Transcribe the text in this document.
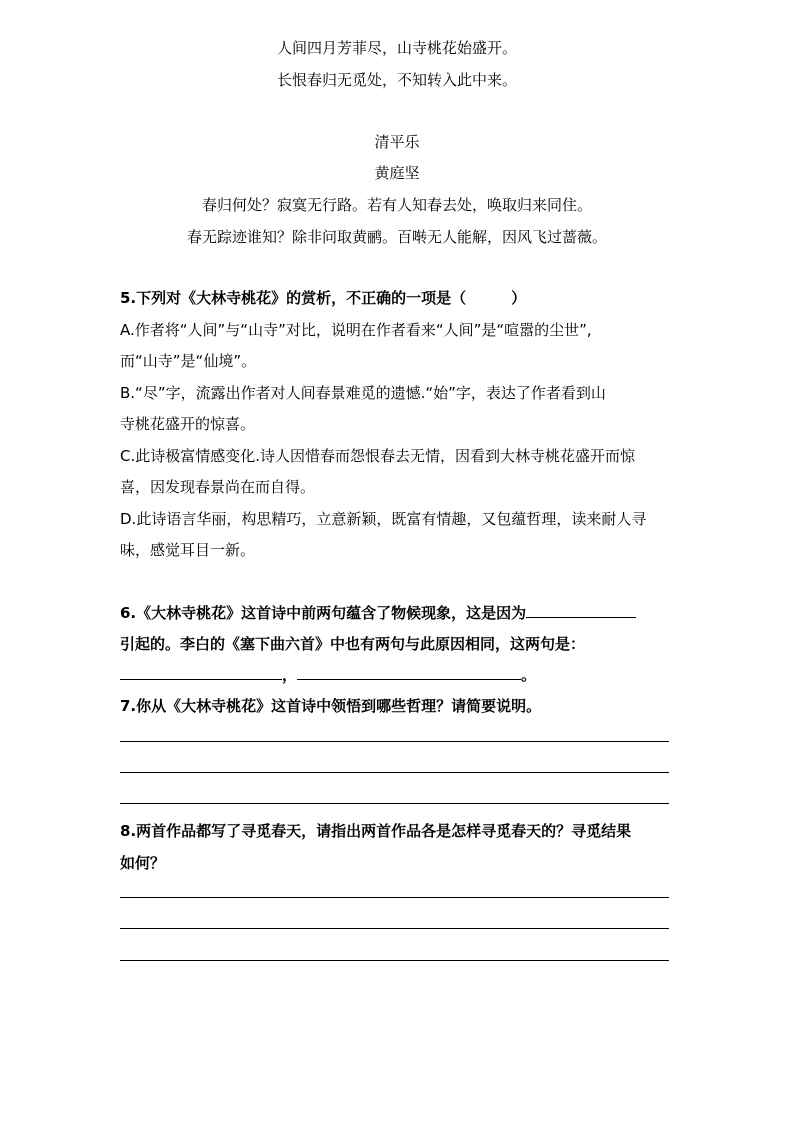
人间四月芳菲尽，山寺桃花始盛开。
长恨春归无觅处，不知转入此中来。
清平乐
黄庭坚
春归何处？寂寞无行路。若有人知春去处，唤取归来同住。
春无踪迹谁知？除非问取黄鹂。百啭无人能解，因风飞过蔷薇。
5.下列对《大林寺桃花》的赏析，不正确的一项是（　　　）
A.作者将“人间”与“山寺”对比，说明在作者看来“人间”是“喧嚣的尘世”,
而“山寺”是“仙境”。
B.“尽”字，流露出作者对人间春景难觅的遗憾.“始”字，表达了作者看到山
寺桃花盛开的惊喜。
C.此诗极富情感变化.诗人因惜春而怨恨春去无情，因看到大林寺桃花盛开而惊
喜，因发现春景尚在而自得。
D.此诗语言华丽，构思精巧，立意新颖，既富有情趣，又包蕴哲理，读来耐人寻
味，感觉耳目一新。
6.《大林寺桃花》这首诗中前两句蕴含了物候现象，这是因为
引起的。李白的《塞下曲六首》中也有两句与此原因相同，这两句是：
，	。
7.你从《大林寺桃花》这首诗中领悟到哪些哲理？请简要说明。
8.两首作品都写了寻觅春天，请指出两首作品各是怎样寻觅春天的？寻觅结果
如何？
